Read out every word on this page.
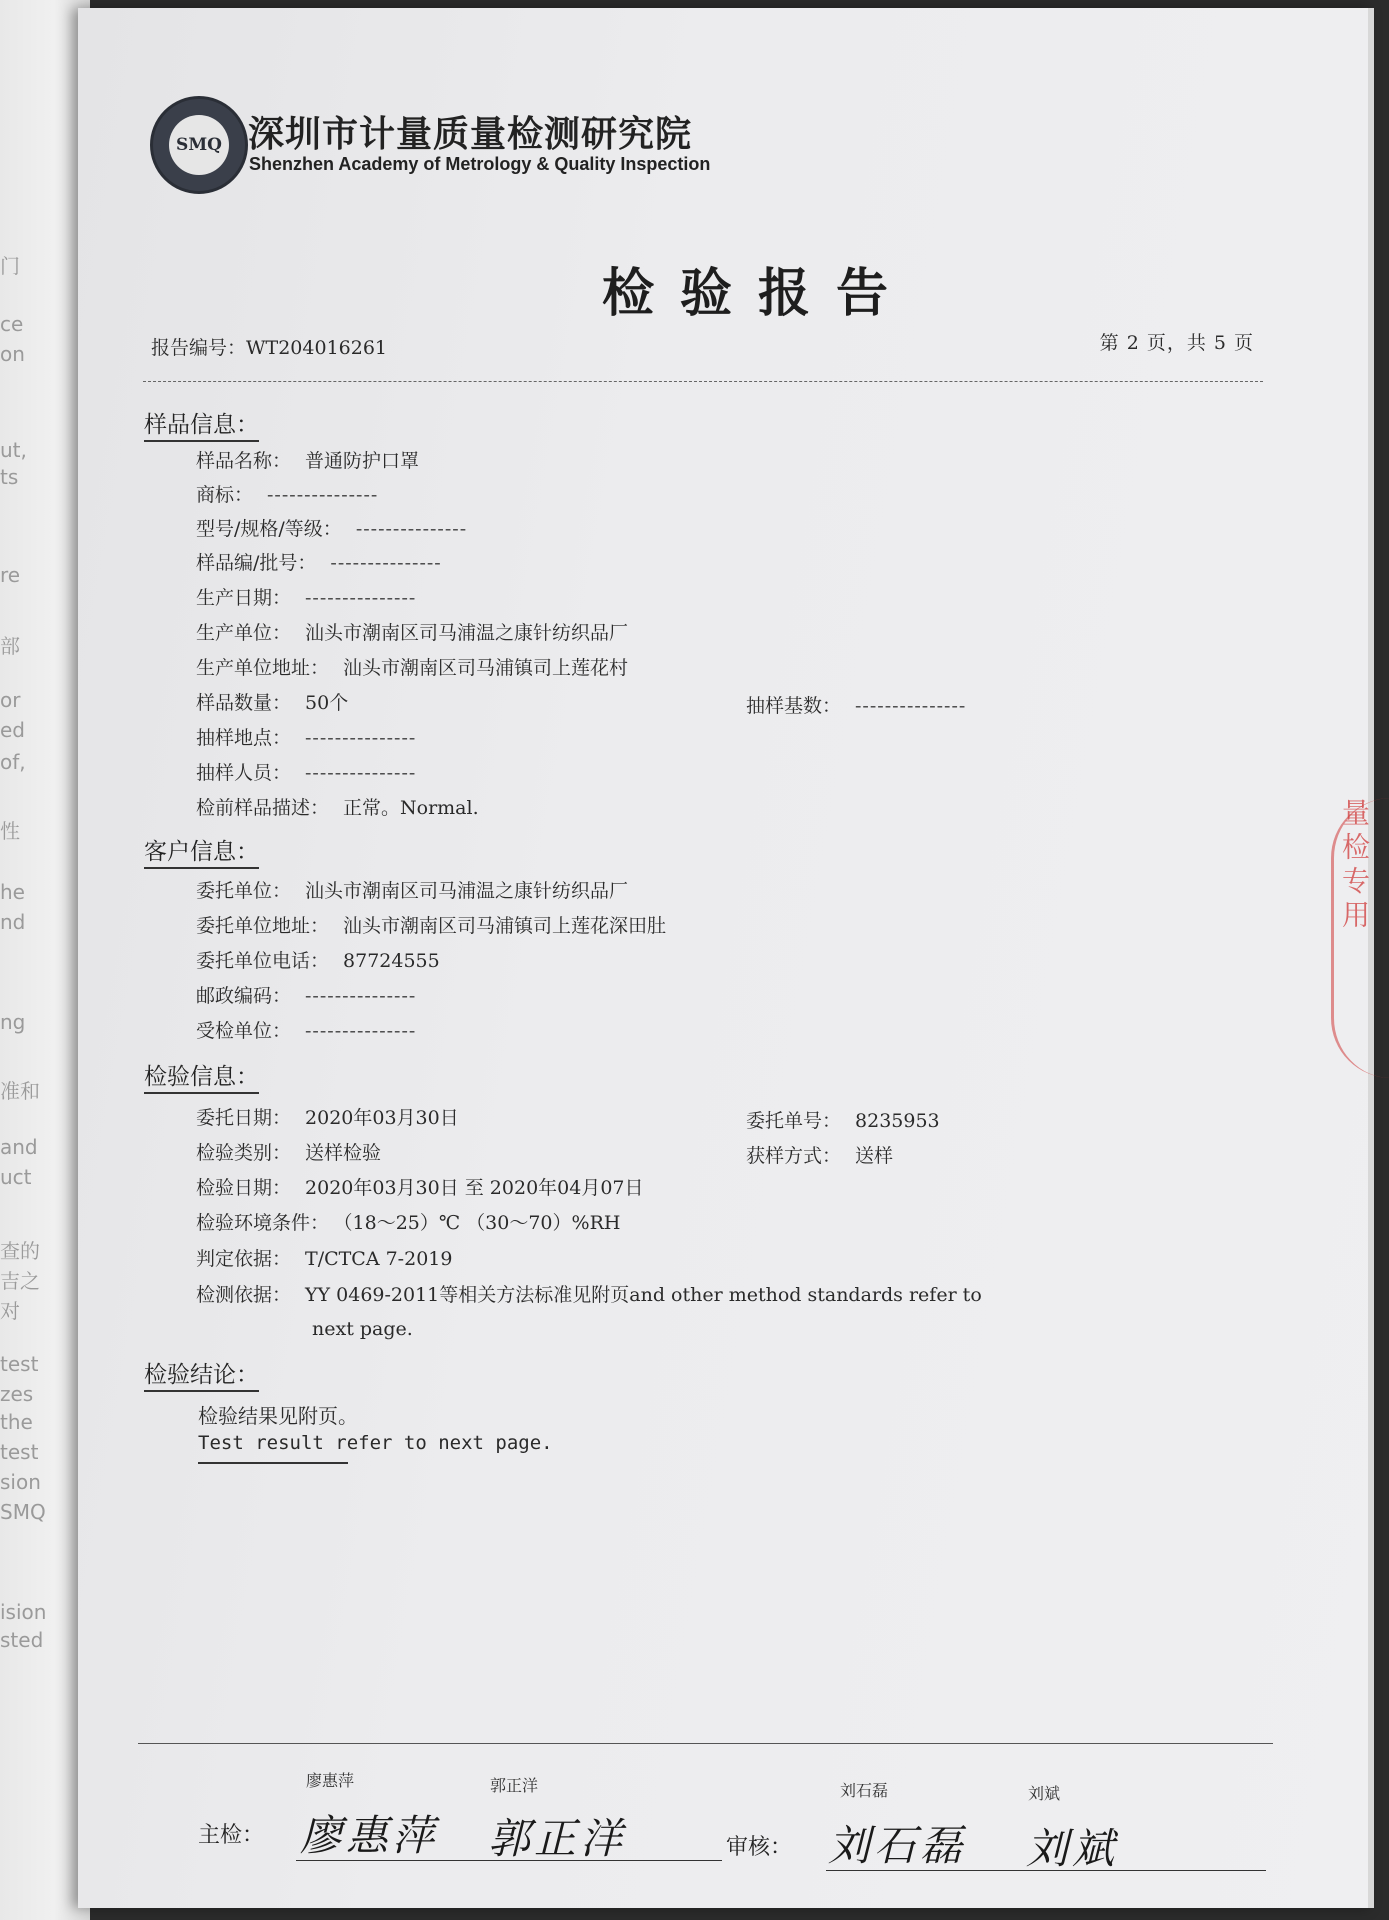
门
ce
on
ut,
ts
re
部
or
ed
of,
性
he
nd
ng
准和
and
uct
查的
吉之
对
test
zes
the
test
sion
SMQ
ision
sted
SMQ 深圳市计量质量检测研究院
Shenzhen Academy of Metrology & Quality Inspection
检验报告
报告编号：WT204016261	第 2 页，共 5 页
样品信息：
样品名称： 普通防护口罩
商标： ---------------
型号/规格/等级： ---------------
样品编/批号： ---------------
生产日期： ---------------
生产单位： 汕头市潮南区司马浦温之康针纺织品厂
生产单位地址： 汕头市潮南区司马浦镇司上莲花村
样品数量： 50个	抽样基数： ---------------
抽样地点： ---------------
抽样人员： ---------------
检前样品描述： 正常。Normal.
客户信息：
委托单位： 汕头市潮南区司马浦温之康针纺织品厂
委托单位地址： 汕头市潮南区司马浦镇司上莲花深田肚
委托单位电话： 87724555
邮政编码： ---------------
受检单位： ---------------
检验信息：
委托日期： 2020年03月30日	委托单号： 8235953
检验类别： 送样检验	获样方式： 送样
检验日期： 2020年03月30日 至 2020年04月07日
检验环境条件： （18～25）℃ （30～70）%RH
判定依据： T/CTCA 7-2019
检测依据： YY 0469-2011等相关方法标准见附页and other method standards refer to
next page.
检验结论：
检验结果见附页。
Test result refer to next page.
廖惠萍	郭正洋	刘石磊	刘斌
主检： 廖惠萍 郭正洋	审核： 刘石磊 刘斌
量检专用
